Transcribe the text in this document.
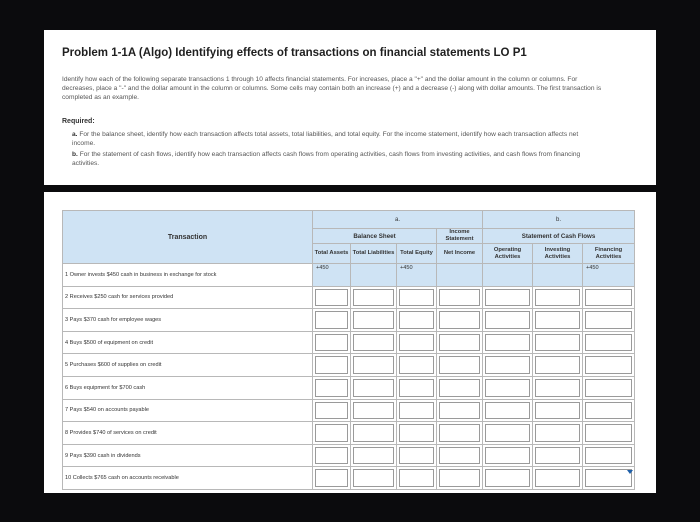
Problem 1-1A (Algo) Identifying effects of transactions on financial statements LO P1
Identify how each of the following separate transactions 1 through 10 affects financial statements. For increases, place a "+" and the dollar amount in the column or columns. For decreases, place a "-" and the dollar amount in the column or columns. Some cells may contain both an increase (+) and a decrease (-) along with dollar amounts. The first transaction is completed as an example.
Required:
a. For the balance sheet, identify how each transaction affects total assets, total liabilities, and total equity. For the income statement, identify how each transaction affects net income.
b. For the statement of cash flows, identify how each transaction affects cash flows from operating activities, cash flows from investing activities, and cash flows from financing activities.
Transaction	a.				b.		
	Balance Sheet			Income Statement	Statement of Cash Flows		
	Total Assets	Total Liabilities	Total Equity	Net Income	Operating Activities	Investing Activities	Financing Activities
1 Owner invests $450 cash in business in exchange for stock	+450		+450				+450

2 Receives $250 cash for services provided	

3 Pays $370 cash for employee wages	

4 Buys $500 of equipment on credit	

5 Purchases $600 of supplies on credit	

6 Buys equipment for $700 cash	

7 Pays $540 on accounts payable	

8 Provides $740 of services on credit	

9 Pays $390 cash in dividends	

10 Collects $765 cash on accounts receivable	
